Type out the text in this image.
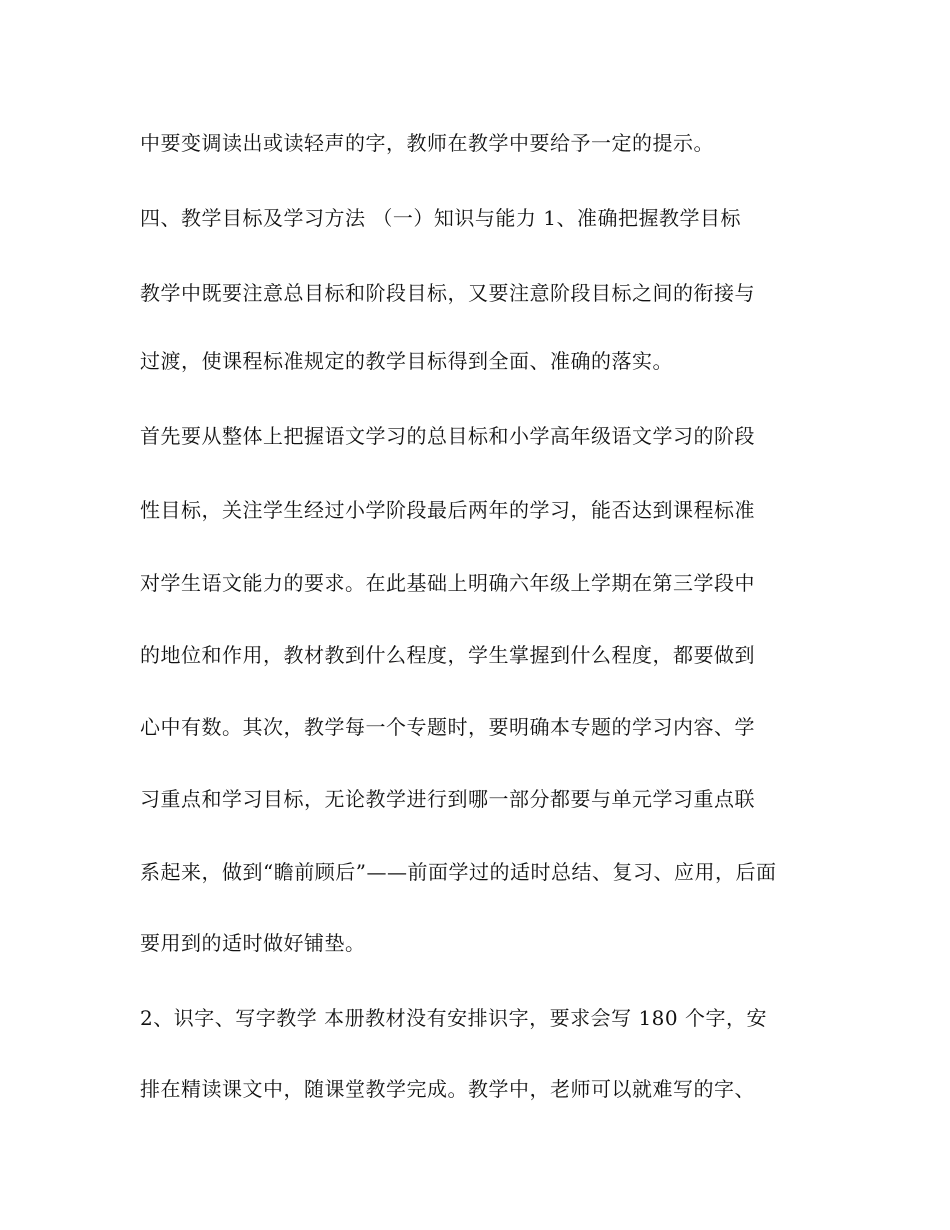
中要变调读出或读轻声的字，教师在教学中要给予一定的提示。
四、教学目标及学习方法 （一）知识与能力 1、准确把握教学目标
教学中既要注意总目标和阶段目标，又要注意阶段目标之间的衔接与
过渡，使课程标准规定的教学目标得到全面、准确的落实。
首先要从整体上把握语文学习的总目标和小学高年级语文学习的阶段
性目标，关注学生经过小学阶段最后两年的学习，能否达到课程标准
对学生语文能力的要求。在此基础上明确六年级上学期在第三学段中
的地位和作用，教材教到什么程度，学生掌握到什么程度，都要做到
心中有数。其次，教学每一个专题时，要明确本专题的学习内容、学
习重点和学习目标，无论教学进行到哪一部分都要与单元学习重点联
系起来，做到“瞻前顾后”——前面学过的适时总结、复习、应用，后面
要用到的适时做好铺垫。
2、识字、写字教学 本册教材没有安排识字，要求会写 180 个字，安
排在精读课文中，随课堂教学完成。教学中，老师可以就难写的字、
